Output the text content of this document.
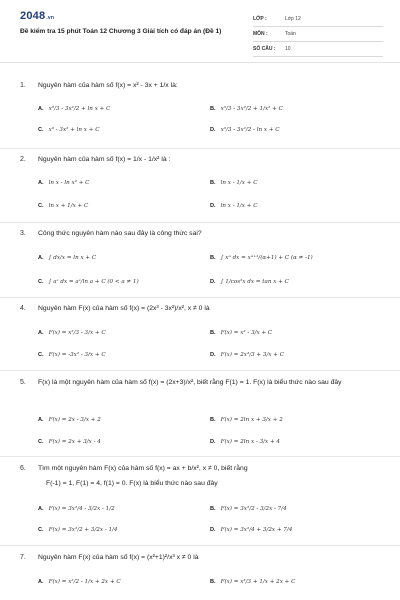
2048.vn
Đề kiểm tra 15 phút Toán 12 Chương 3 Giải tích có đáp án (Đề 1)
LỚP :	Lớp 12
MÔN :	Toán
SỐ CÂU : 10
1. Nguyên hàm của hàm số f(x) = x² - 3x + 1/x là:
A. x³/3 - 3x²/2 + ln x + C	B. x³/3 - 3x²/2 + 1/x² + C
C. x³ - 3x² + ln x + C	D. x³/3 - 3x²/2 - ln x + C
2. Nguyên hàm của hàm số f(x) = 1/x - 1/x² là :
A. ln x - ln x² + C	B. ln x - 1/x + C
C. ln x + 1/x + C	D. ln x - 1/x + C
3. Công thức nguyên hàm nào sau đây là công thức sai?
A. ∫ dx/x = ln x + C	B. ∫ xᵅ dx = xᵅ⁺¹/(α+1) + C (α ≠ -1)
C. ∫ aˣ dx = aˣ/ln a + C (0 < a ≠ 1)	D. ∫ 1/cos²x dx = tan x + C
4. Nguyên hàm F(x) của hàm số f(x) = (2x³ - 3x²)/x², x ≠ 0 là
A. F(x) = x²/3 - 3/x + C	B. F(x) = x² - 3/x + C
C. F(x) = -3x² - 3/x + C	D. F(x) = 2x³/3 + 3/x + C
5. F(x) là một nguyên hàm của hàm số f(x) = (2x+3)/x², biết rằng F(1) = 1. F(x) là biểu thức nào sau đây
A. F(x) = 2x - 3/x + 2	B. F(x) = 2ln x + 3/x + 2
C. F(x) = 2x + 3/x - 4	D. F(x) = 2ln x - 3/x + 4
6. Tìm một nguyên hàm F(x) của hàm số f(x) = ax + b/x², x ≠ 0, biết rằng
F(-1) = 1, F(1) = 4, f(1) = 0. F(x) là biểu thức nào sau đây
A. F(x) = 3x²/4 - 3/2x - 1/2	B. F(x) = 3x²/2 - 3/2x - 7/4
C. F(x) = 3x²/2 + 3/2x - 1/4	D. F(x) = 3x²/4 + 3/2x + 7/4
7. Nguyên hàm F(x) của hàm số f(x) = (x²+1)²/x³ x ≠ 0 là
A. F(x) = x²/2 - 1/x + 2x + C	B. F(x) = x³/3 + 1/x + 2x + C
